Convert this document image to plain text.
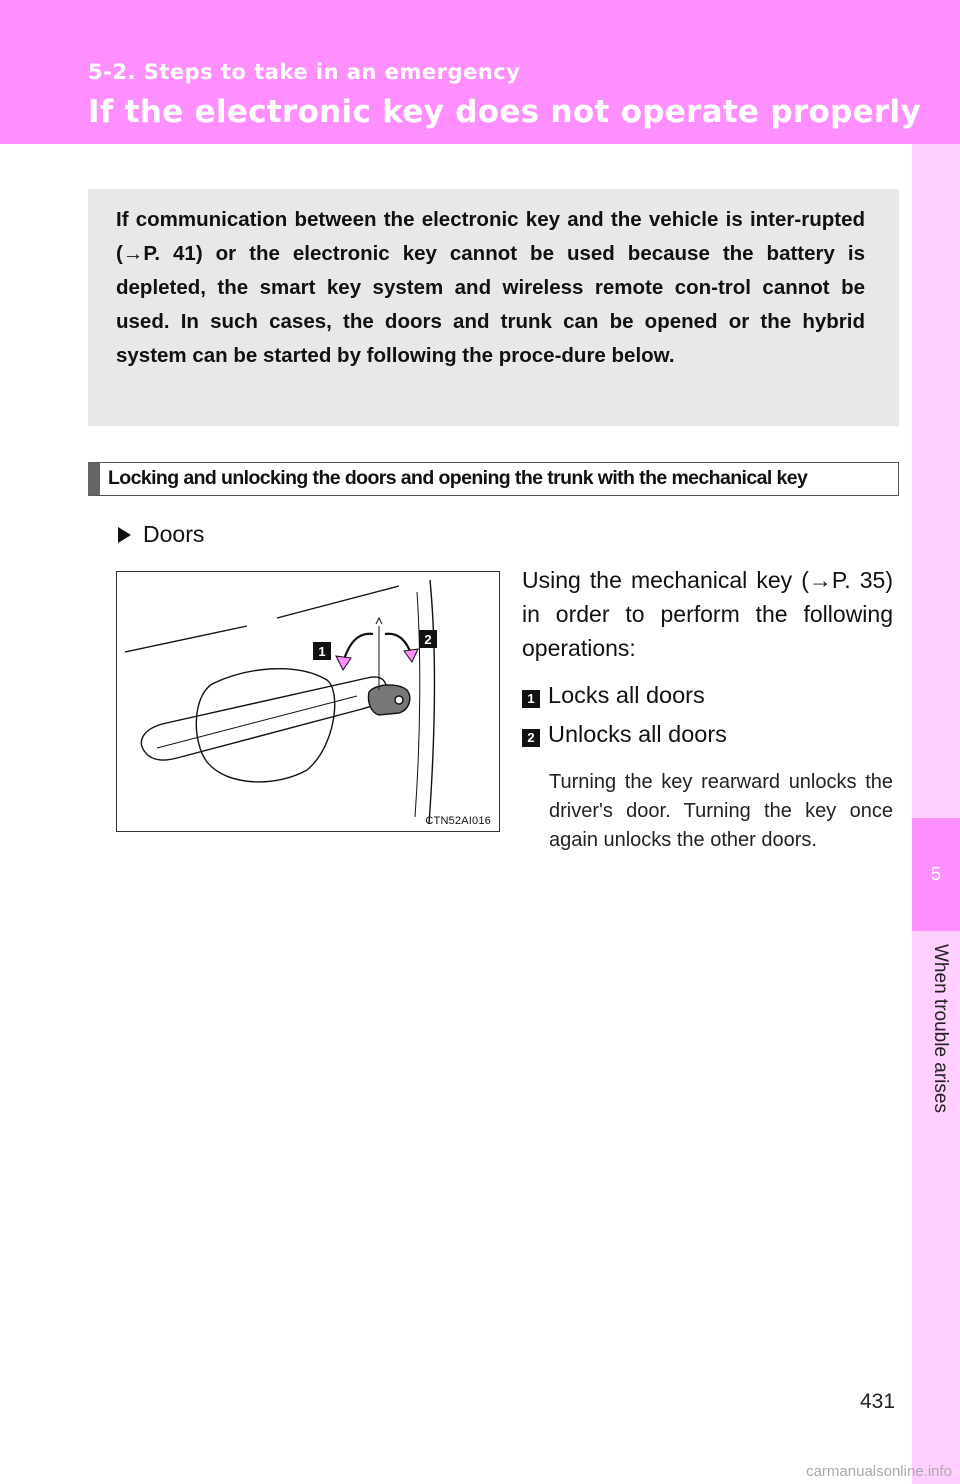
5-2. Steps to take in an emergency
If the electronic key does not operate properly
5
When trouble arises
If communication between the electronic key and the vehicle is inter-rupted (→P. 41) or the electronic key cannot be used because the battery is depleted, the smart key system and wireless remote con-trol cannot be used. In such cases, the doors and trunk can be opened or the hybrid system can be started by following the proce-dure below.
Locking and unlocking the doors and opening the trunk with the mechanical key
Doors
1
2
CTN52AI016
Using the mechanical key (→P. 35) in order to perform the following operations:
1 Locks all doors
2 Unlocks all doors
Turning the key rearward unlocks the driver's door. Turning the key once again unlocks the other doors.
431
carmanualsonline.info
